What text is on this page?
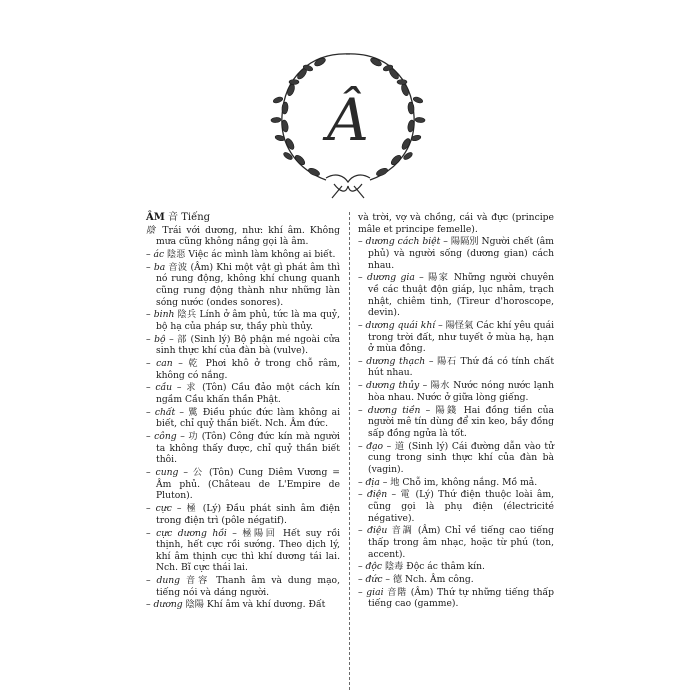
Â
ÂM 音 Tiếng
陰 Trái với dương, như: khí âm. Không mưa cũng không nắng gọi là âm.
– ác 陰惡 Việc ác mình làm không ai biết.
– ba 音波 (Âm) Khi một vật gì phát âm thì nó rung động, không khí chung quanh cũng rung động thành như những làn sóng nước (ondes sonores).
– binh 陰兵 Lính ở âm phủ, tức là ma quỷ, bộ hạ của pháp sư, thầy phù thủy.
– bộ – 部 (Sinh lý) Bộ phận mé ngoài cửa sinh thực khí của đàn bà (vulve).
– can – 乾 Phơi khô ở trong chỗ râm, không có nắng.
– cầu – 求 (Tôn) Cầu đảo một cách kín ngầm Cầu khấn thần Phật.
– chất – 騭 Điều phúc đức làm không ai biết, chỉ quỷ thần biết. Nch. Âm đức.
– công – 功 (Tôn) Công đức kín mà người ta không thấy được, chỉ quỷ thần biết thôi.
– cung – 公 (Tôn) Cung Diêm Vương = Âm phủ. (Château de L'Empire de Pluton).
– cực – 極 (Lý) Đầu phát sinh âm điện trong điện trì (pôle négatif).
– cực dương hồi – 極陽回 Hết suy rồi thịnh, hết cực rồi sướng. Theo dịch lý, khí âm thịnh cực thì khí dương tái lai. Nch. Bĩ cực thái lai.
– dung 音容 Thanh âm và dung mạo, tiếng nói và dáng người.
– dương 陰陽 Khí âm và khí dương. Đất
và trời, vợ và chồng, cái và đực (principe mâle et principe femelle).
– dương cách biệt – 陽隔別 Người chết (âm phủ) và người sống (dương gian) cách nhau.
– dương gia – 陽家 Những người chuyên về các thuật độn giáp, lục nhâm, trạch nhật, chiêm tinh, (Tireur d'horoscope, devin).
– dương quái khí – 陽怪氣 Các khí yêu quái trong trời đất, như tuyết ở mùa hạ, hạn ở mùa đông.
– dương thạch – 陽石 Thứ đá có tính chất hút nhau.
– dương thủy – 陽水 Nước nóng nước lạnh hòa nhau. Nước ở giữa lòng giếng.
– dương tiền – 陽錢 Hai đồng tiền của người mê tín dùng để xin keo, bầy đồng sấp đồng ngửa là tốt.
– đạo – 道 (Sinh lý) Cái đường dẫn vào tử cung trong sinh thực khí của đàn bà (vagin).
– địa – 地 Chỗ im, không nắng. Mồ mả.
– điện – 電 (Lý) Thứ điện thuộc loài âm, cũng gọi là phụ điện (électricité négative).
– điệu 音調 (Âm) Chỉ về tiếng cao tiếng thấp trong âm nhạc, hoặc từ phú (ton, accent).
– độc 陰毒 Độc ác thâm kín.
– đức – 德 Nch. Âm công.
– giai 音階 (Âm) Thứ tự những tiếng thấp tiếng cao (gamme).
